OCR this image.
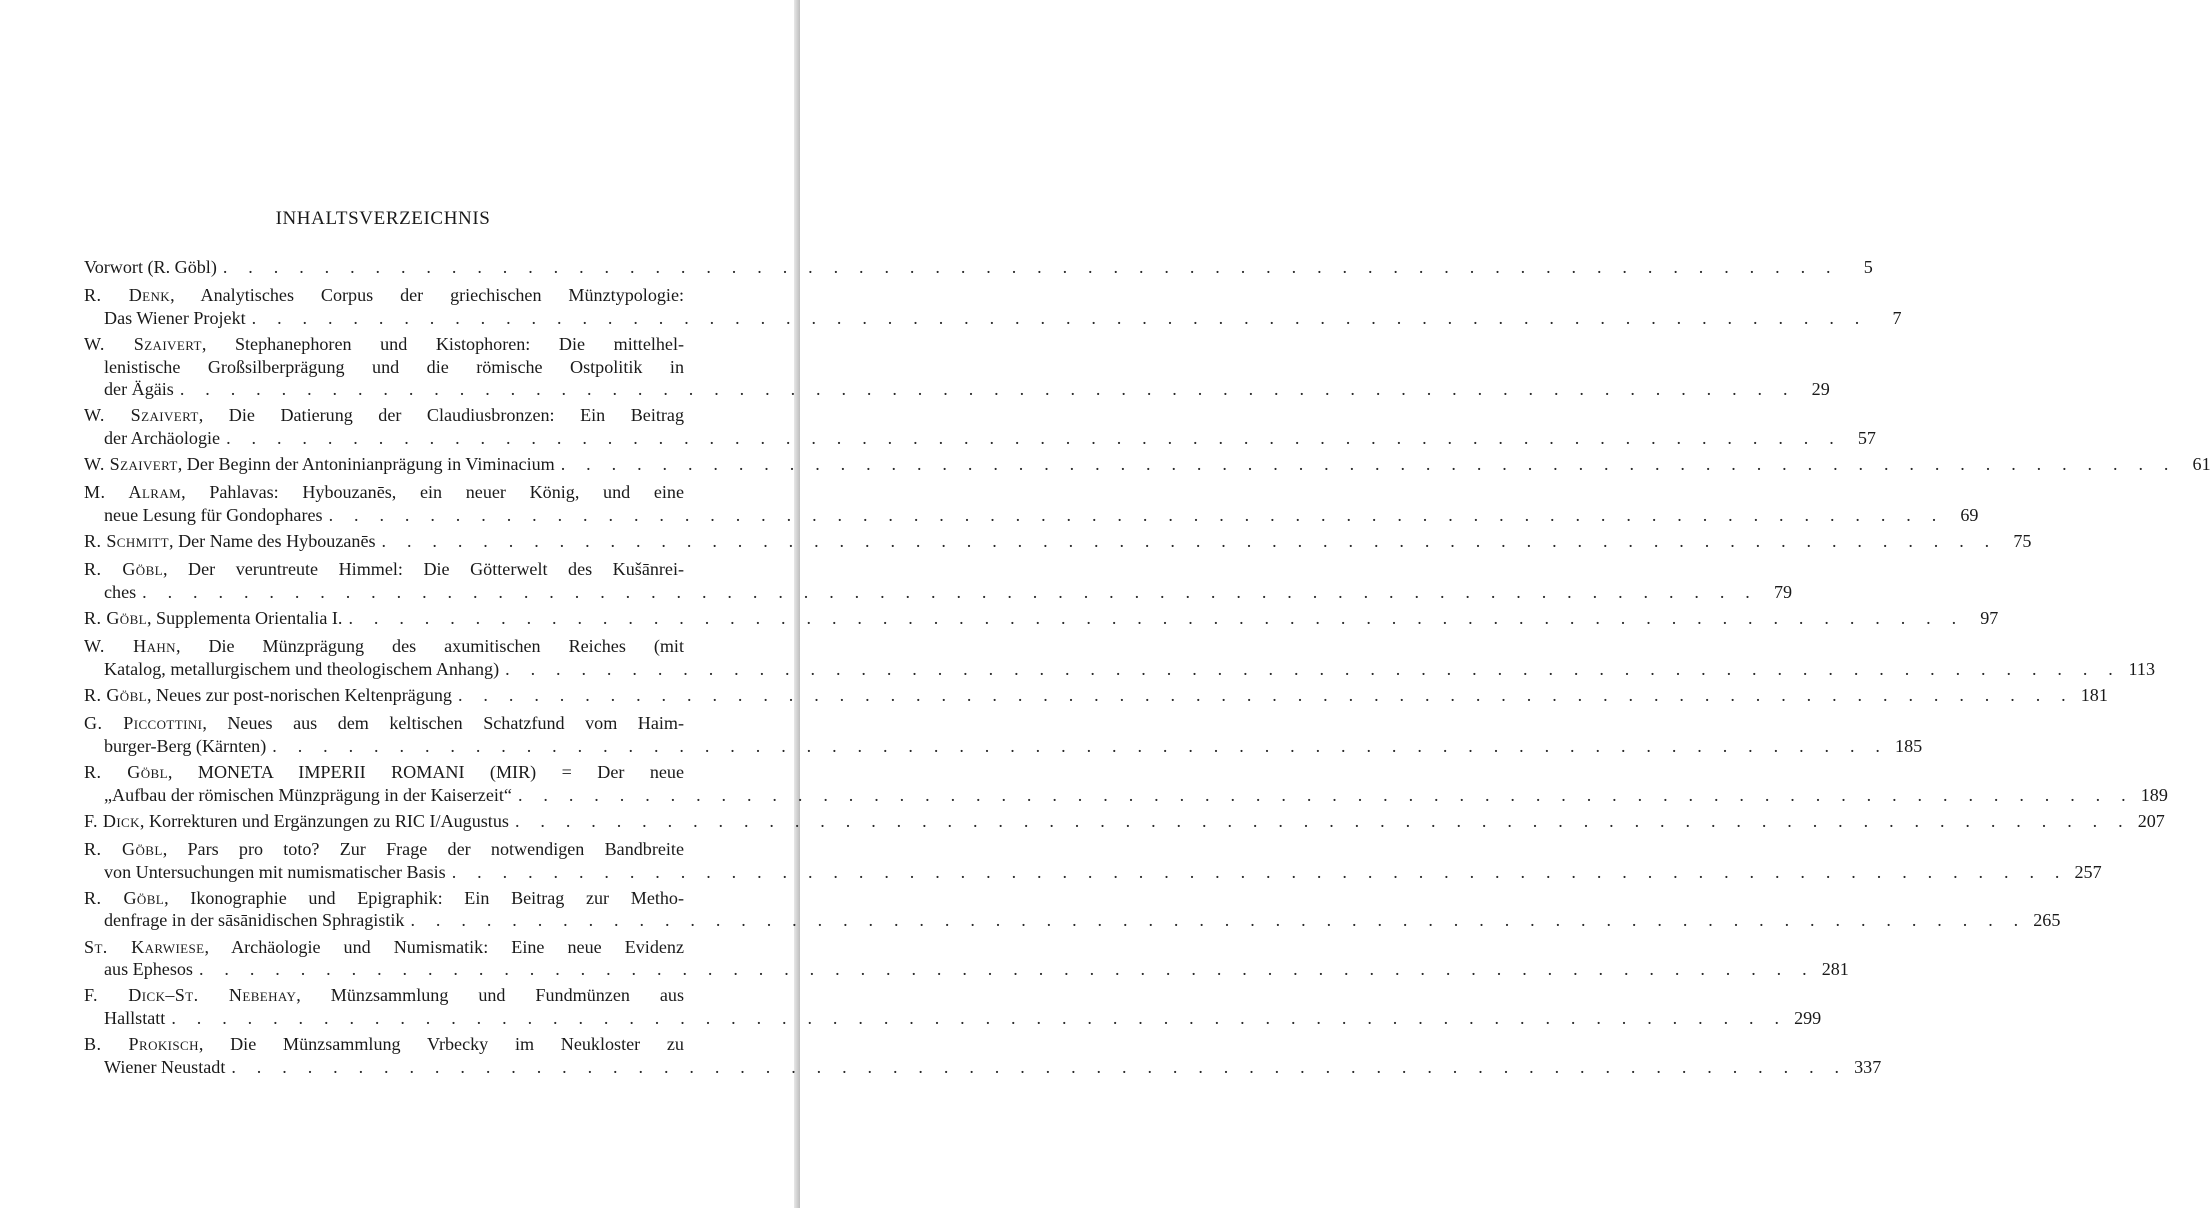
INHALTSVERZEICHNIS
Vorwort (R. Göbl) . . . . . . . . . . . . . . . . . . . . . . . . . . . . . . . . . . . . . . . . . . . . . . . . . . . . . . . . . . . . . . . .	5
R. Denk, Analytisches Corpus der griechischen Münztypologie:
Das Wiener Projekt . . . . . . . . . . . . . . . . . . . . . . . . . . . . . . . . . . . . . . . . . . . . . . . . . . . . . . . . . . . . . . . .	7
W. Szaivert, Stephanephoren und Kistophoren: Die mittelhel-
lenistische Großsilberprägung und die römische Ostpolitik in
der Ägäis . . . . . . . . . . . . . . . . . . . . . . . . . . . . . . . . . . . . . . . . . . . . . . . . . . . . . . . . . . . . . . . . 29
W. Szaivert, Die Datierung der Claudiusbronzen: Ein Beitrag
der Archäologie . . . . . . . . . . . . . . . . . . . . . . . . . . . . . . . . . . . . . . . . . . . . . . . . . . . . . . . . . . . . . . . . 57
W. Szaivert, Der Beginn der Antoninianprägung in Viminacium . . . . . . . . . . . . . . . . . . . . . . . . . . . . . . . . . . . . . . . . . . . . . . . . . . . . . . . . . . . . . . . . 61
M. Alram, Pahlavas: Hybouzanēs, ein neuer König, und eine
neue Lesung für Gondophares . . . . . . . . . . . . . . . . . . . . . . . . . . . . . . . . . . . . . . . . . . . . . . . . . . . . . . . . . . . . . . . . 69
R. Schmitt, Der Name des Hybouzanēs . . . . . . . . . . . . . . . . . . . . . . . . . . . . . . . . . . . . . . . . . . . . . . . . . . . . . . . . . . . . . . . . 75
R. Göbl, Der veruntreute Himmel: Die Götterwelt des Kušānrei-
ches . . . . . . . . . . . . . . . . . . . . . . . . . . . . . . . . . . . . . . . . . . . . . . . . . . . . . . . . . . . . . . . . 79
R. Göbl, Supplementa Orientalia I. . . . . . . . . . . . . . . . . . . . . . . . . . . . . . . . . . . . . . . . . . . . . . . . . . . . . . . . . . . . . . . . . 97
W. Hahn, Die Münzprägung des axumitischen Reiches (mit
Katalog, metallurgischem und theologischem Anhang) . . . . . . . . . . . . . . . . . . . . . . . . . . . . . . . . . . . . . . . . . . . . . . . . . . . . . . . . . . . . . . . . 113
R. Göbl, Neues zur post-norischen Keltenprägung . . . . . . . . . . . . . . . . . . . . . . . . . . . . . . . . . . . . . . . . . . . . . . . . . . . . . . . . . . . . . . . . 181
G. Piccottini, Neues aus dem keltischen Schatzfund vom Haim-
burger-Berg (Kärnten) . . . . . . . . . . . . . . . . . . . . . . . . . . . . . . . . . . . . . . . . . . . . . . . . . . . . . . . . . . . . . . . . 185
R. Göbl, MONETA IMPERII ROMANI (MIR) = Der neue
„Aufbau der römischen Münzprägung in der Kaiserzeit“ . . . . . . . . . . . . . . . . . . . . . . . . . . . . . . . . . . . . . . . . . . . . . . . . . . . . . . . . . . . . . . . . 189
F. Dick, Korrekturen und Ergänzungen zu RIC I/Augustus . . . . . . . . . . . . . . . . . . . . . . . . . . . . . . . . . . . . . . . . . . . . . . . . . . . . . . . . . . . . . . . . 207
R. Göbl, Pars pro toto? Zur Frage der notwendigen Bandbreite
von Untersuchungen mit numismatischer Basis . . . . . . . . . . . . . . . . . . . . . . . . . . . . . . . . . . . . . . . . . . . . . . . . . . . . . . . . . . . . . . . . 257
R. Göbl, Ikonographie und Epigraphik: Ein Beitrag zur Metho-
denfrage in der sāsānidischen Sphragistik . . . . . . . . . . . . . . . . . . . . . . . . . . . . . . . . . . . . . . . . . . . . . . . . . . . . . . . . . . . . . . . . 265
St. Karwiese, Archäologie und Numismatik: Eine neue Evidenz
aus Ephesos . . . . . . . . . . . . . . . . . . . . . . . . . . . . . . . . . . . . . . . . . . . . . . . . . . . . . . . . . . . . . . . . 281
F. Dick–St. Nebehay, Münzsammlung und Fundmünzen aus
Hallstatt . . . . . . . . . . . . . . . . . . . . . . . . . . . . . . . . . . . . . . . . . . . . . . . . . . . . . . . . . . . . . . . . 299
B. Prokisch, Die Münzsammlung Vrbecky im Neukloster zu
Wiener Neustadt . . . . . . . . . . . . . . . . . . . . . . . . . . . . . . . . . . . . . . . . . . . . . . . . . . . . . . . . . . . . . . . . 337
